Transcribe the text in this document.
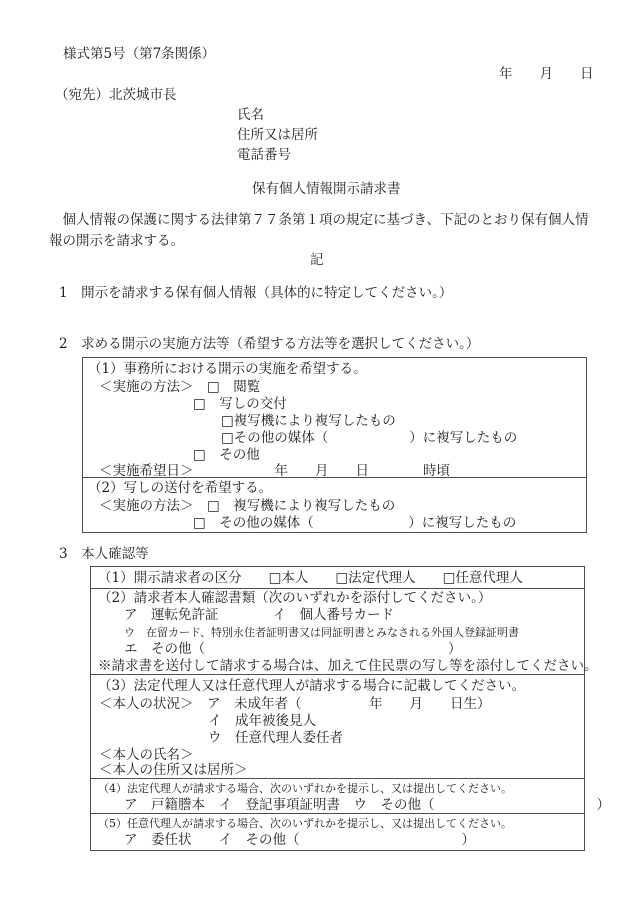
様式第5号（第7条関係）
年　　月　　日
（宛先）北茨城市長
氏名
住所又は居所
電話番号
保有個人情報開示請求書
　個人情報の保護に関する法律第７７条第１項の規定に基づき、下記のとおり保有個人情
報の開示を請求する。
記
1　開示を請求する保有個人情報（具体的に特定してください。）
2　求める開示の実施方法等（希望する方法等を選択してください。）
3　本人確認等
（1）事務所における開示の実施を希望する。
＜実施の方法＞　□　閲覧
□　写しの交付
□複写機により複写したもの
□その他の媒体（　　　　　　）に複写したもの
□　その他
＜実施希望日＞　　　　　　年　　月　　日　　　　時頃
（2）写しの送付を希望する。
＜実施の方法＞　□　複写機により複写したもの
□　その他の媒体（　　　　　　　）に複写したもの
（1）開示請求者の区分　　□本人　　□法定代理人　　□任意代理人
（2）請求者本人確認書類（次のいずれかを添付してください。）
ア　運転免許証　　　　イ　個人番号カード
ウ　在留カード、特別永住者証明書又は同証明書とみなされる外国人登録証明書
エ　その他（　　　　　　　　　　　　　　　　　　）
※請求書を送付して請求する場合は、加えて住民票の写し等を添付してください。
（3）法定代理人又は任意代理人が請求する場合に記載してください。
＜本人の状況＞　ア　未成年者（　　　　　年　　月　　日生）
イ　成年被後見人
ウ　任意代理人委任者
＜本人の氏名＞
＜本人の住所又は居所＞
（4）法定代理人が請求する場合、次のいずれかを提示し、又は提出してください。
ア　戸籍謄本　イ　登記事項証明書　ウ　その他（　　　　　　　　　　　　）
（5）任意代理人が請求する場合、次のいずれかを提示し、又は提出してください。
ア　委任状　　イ　その他（　　　　　　　　　　　　）
